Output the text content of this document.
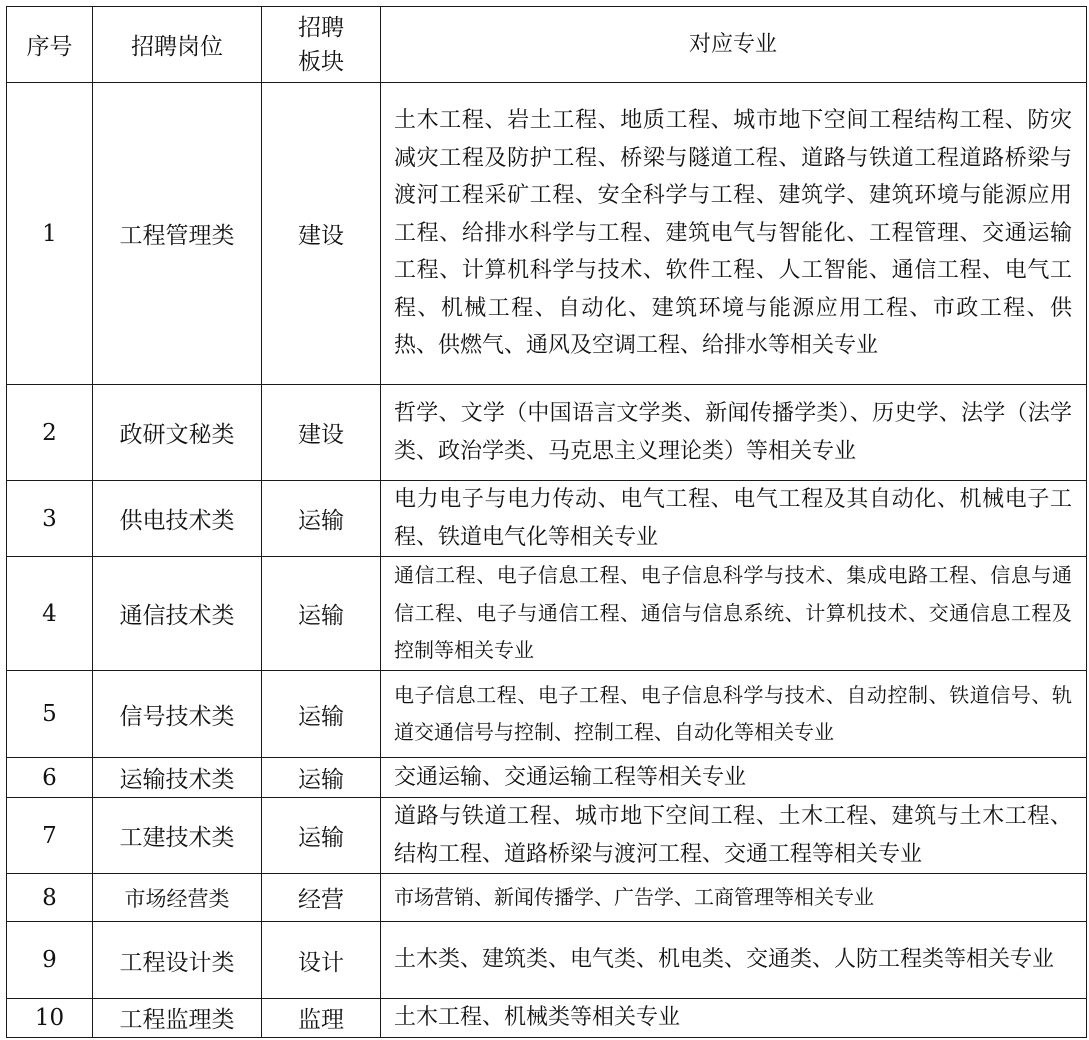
序号	招聘岗位	招聘板块	对应专业
1	工程管理类	建设	土木工程、岩土工程、地质工程、城市地下空间工程结构工程、防灾减灾工程及防护工程、桥梁与隧道工程、道路与铁道工程道路桥梁与渡河工程采矿工程、安全科学与工程、建筑学、建筑环境与能源应用工程、给排水科学与工程、建筑电气与智能化、工程管理、交通运输工程、计算机科学与技术、软件工程、人工智能、通信工程、电气工程、机械工程、自动化、建筑环境与能源应用工程、市政工程、供热、供燃气、通风及空调工程、给排水等相关专业
2	政研文秘类	建设	哲学、文学（中国语言文学类、新闻传播学类）、历史学、法学（法学类、政治学类、马克思主义理论类）等相关专业
3	供电技术类	运输	电力电子与电力传动、电气工程、电气工程及其自动化、机械电子工程、铁道电气化等相关专业
4	通信技术类	运输	通信工程、电子信息工程、电子信息科学与技术、集成电路工程、信息与通信工程、电子与通信工程、通信与信息系统、计算机技术、交通信息工程及控制等相关专业
5	信号技术类	运输	电子信息工程、电子工程、电子信息科学与技术、自动控制、铁道信号、轨道交通信号与控制、控制工程、自动化等相关专业
6	运输技术类	运输	交通运输、交通运输工程等相关专业
7	工建技术类	运输	道路与铁道工程、城市地下空间工程、土木工程、建筑与土木工程、结构工程、道路桥梁与渡河工程、交通工程等相关专业
8	市场经营类	经营	市场营销、新闻传播学、广告学、工商管理等相关专业
9	工程设计类	设计	土木类、建筑类、电气类、机电类、交通类、人防工程类等相关专业
10	工程监理类	监理	土木工程、机械类等相关专业
